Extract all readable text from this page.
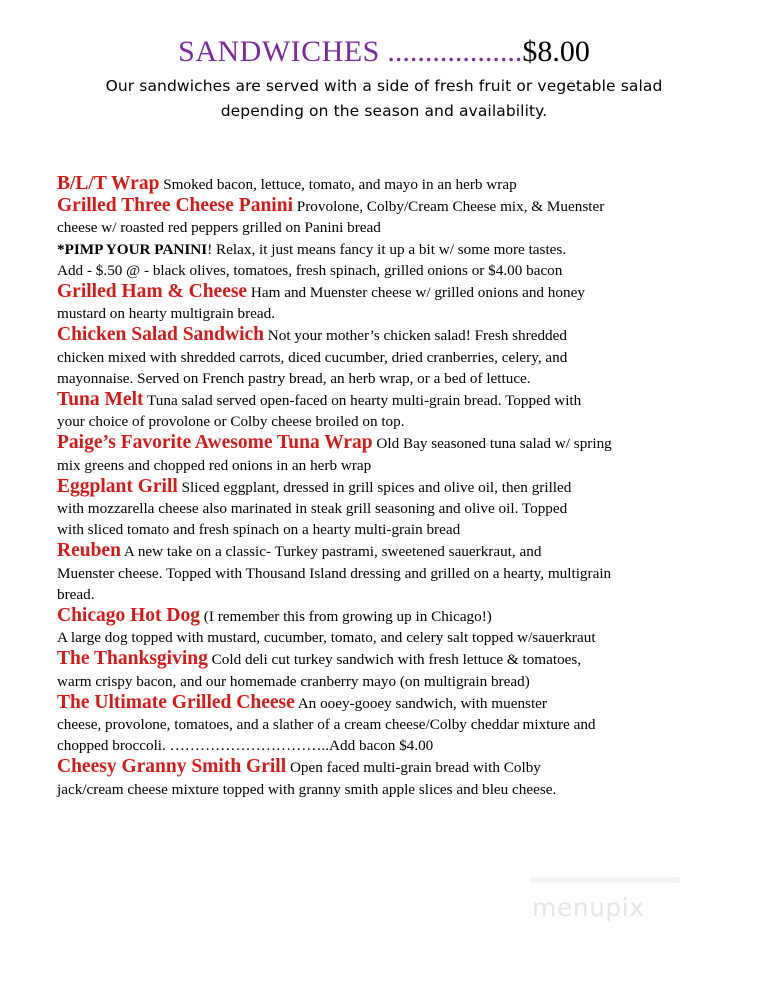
SANDWICHES ..................$8.00
Our sandwiches are served with a side of fresh fruit or vegetable salad
depending on the season and availability.

B/L/T Wrap Smoked bacon, lettuce, tomato, and mayo in an herb wrap

Grilled Three Cheese Panini Provolone, Colby/Cream Cheese mix, & Muenster
cheese w/ roasted red peppers grilled on Panini bread

*PIMP YOUR PANINI! Relax, it just means fancy it up a bit w/ some more tastes.
Add - $.50 @ - black olives, tomatoes, fresh spinach, grilled onions or $4.00 bacon

Grilled Ham & Cheese Ham and Muenster cheese w/ grilled onions and honey
mustard on hearty multigrain bread.

Chicken Salad Sandwich Not your mother’s chicken salad! Fresh shredded
chicken mixed with shredded carrots, diced cucumber, dried cranberries, celery, and
mayonnaise. Served on French pastry bread, an herb wrap, or a bed of lettuce.

Tuna Melt Tuna salad served open-faced on hearty multi-grain bread. Topped with
your choice of provolone or Colby cheese broiled on top.

Paige’s Favorite Awesome Tuna Wrap Old Bay seasoned tuna salad w/ spring
mix greens and chopped red onions in an herb wrap

Eggplant Grill Sliced eggplant, dressed in grill spices and olive oil, then grilled
with mozzarella cheese also marinated in steak grill seasoning and olive oil. Topped
with sliced tomato and fresh spinach on a hearty multi-grain bread

Reuben A new take on a classic- Turkey pastrami, sweetened sauerkraut, and
Muenster cheese. Topped with Thousand Island dressing and grilled on a hearty, multigrain
bread.

Chicago Hot Dog (I remember this from growing up in Chicago!)
A large dog topped with mustard, cucumber, tomato, and celery salt topped w/sauerkraut

The Thanksgiving Cold deli cut turkey sandwich with fresh lettuce & tomatoes,
warm crispy bacon, and our homemade cranberry mayo (on multigrain bread)

The Ultimate Grilled Cheese An ooey-gooey sandwich, with muenster
cheese, provolone, tomatoes, and a slather of a cream cheese/Colby cheddar mixture and
chopped broccoli. …………………………..Add bacon $4.00

Cheesy Granny Smith Grill Open faced multi-grain bread with Colby
jack/cream cheese mixture topped with granny smith apple slices and bleu cheese.

menupix
